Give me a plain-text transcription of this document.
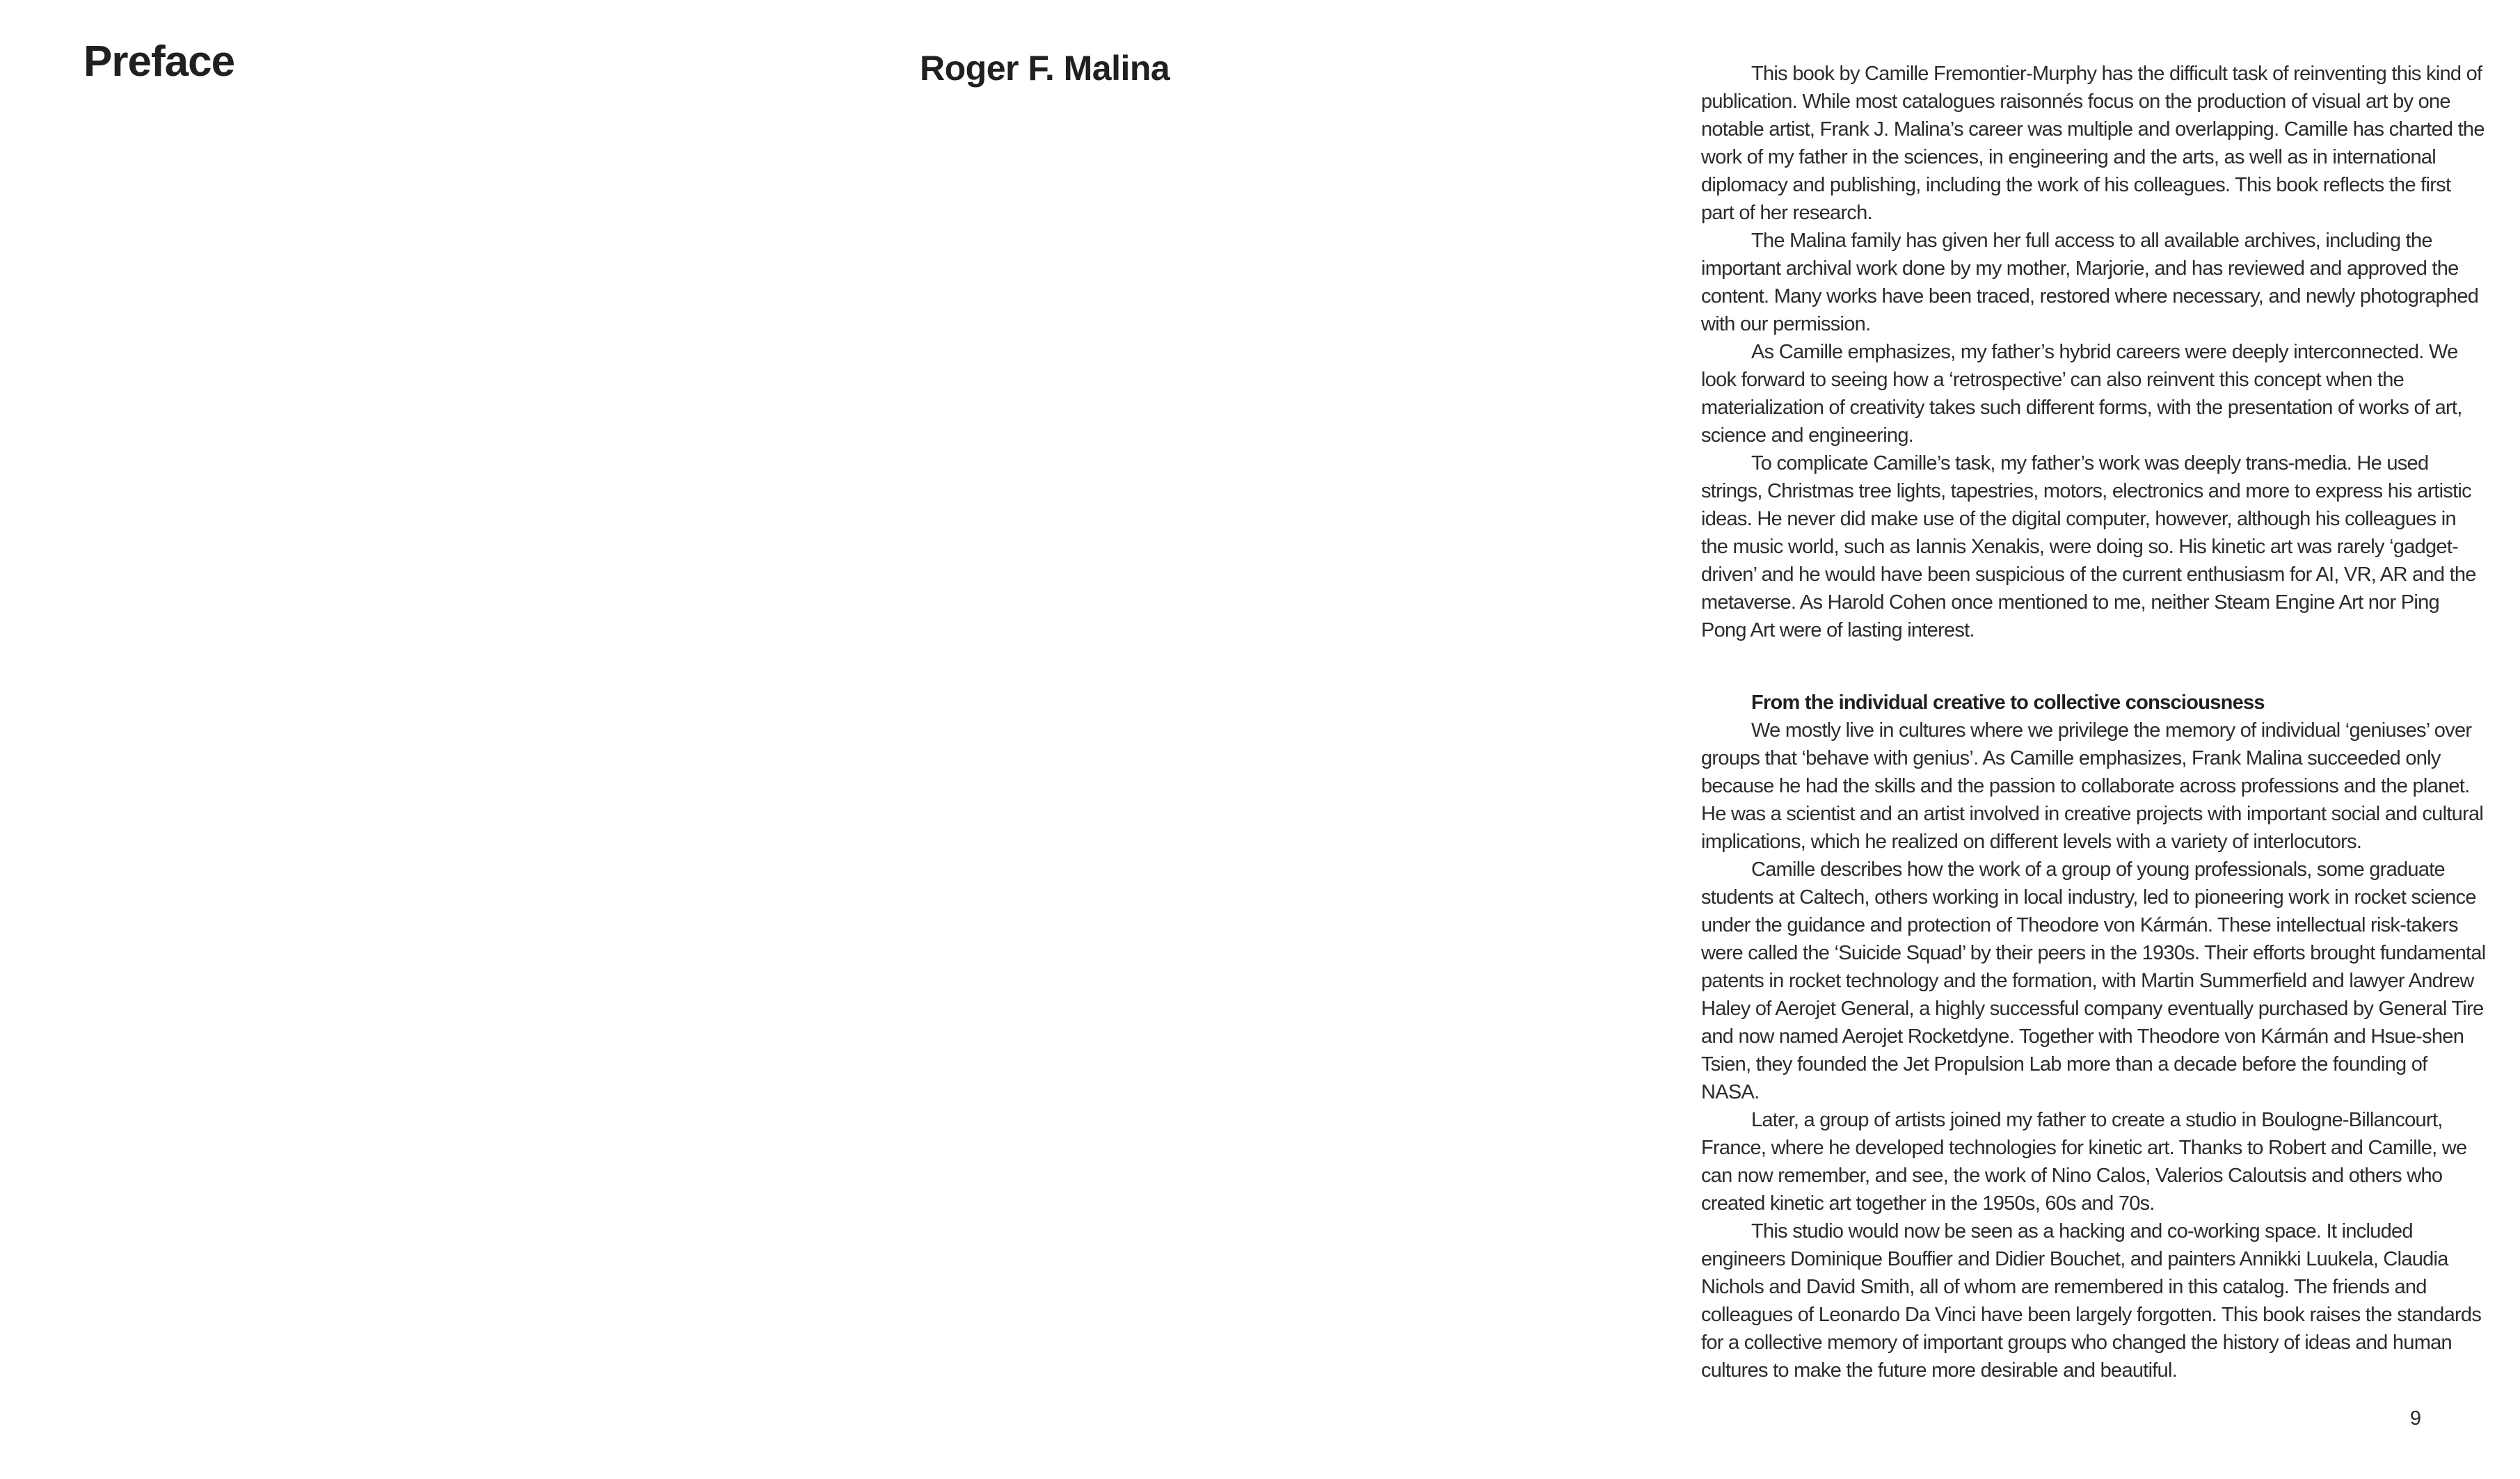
Preface	Roger F. Malina	This book by Camille Fremontier-Murphy has the difficult task of reinventing this kind of publication. While most catalogues raisonnés focus on the production of visual art by one notable artist, Frank J. Malina’s career was multiple and overlapping. Camille has charted the work of my father in the sciences, in engineering and the arts, as well as in international diplomacy and publishing, including the work of his colleagues. This book reflects the first part of her research.

The Malina family has given her full access to all available archives, including the important archival work done by my mother, Marjorie, and has reviewed and approved the content. Many works have been traced, restored where necessary, and newly photographed with our permission.

As Camille emphasizes, my father’s hybrid careers were deeply interconnected. We look forward to seeing how a ‘retrospective’ can also reinvent this concept when the materialization of creativity takes such different forms, with the presentation of works of art, science and engineering.

To complicate Camille’s task, my father’s work was deeply trans-media. He used strings, Christmas tree lights, tapestries, motors, electronics and more to express his artistic ideas. He never did make use of the digital computer, however, although his colleagues in the music world, such as Iannis Xenakis, were doing so. His kinetic art was rarely ‘gadget-driven’ and he would have been suspicious of the current enthusiasm for AI, VR, AR and the metaverse. As Harold Cohen once mentioned to me, neither Steam Engine Art nor Ping Pong Art were of lasting interest.

From the individual creative to collective consciousness

We mostly live in cultures where we privilege the memory of individual ‘geniuses’ over groups that ‘behave with genius’. As Camille emphasizes, Frank Malina succeeded only because he had the skills and the passion to collaborate across professions and the planet. He was a scientist and an artist involved in creative projects with important social and cultural implications, which he realized on different levels with a variety of interlocutors.

Camille describes how the work of a group of young professionals, some graduate students at Caltech, others working in local industry, led to pioneering work in rocket science under the guidance and protection of Theodore von Kármán. These intellectual risk-takers were called the ‘Suicide Squad’ by their peers in the 1930s. Their efforts brought fundamental patents in rocket technology and the formation, with Martin Summerfield and lawyer Andrew Haley of Aerojet General, a highly successful company eventually purchased by General Tire and now named Aerojet Rocketdyne. Together with Theodore von Kármán and Hsue-shen Tsien, they founded the Jet Propulsion Lab more than a decade before the founding of NASA.

Later, a group of artists joined my father to create a studio in Boulogne-Billancourt, France, where he developed technologies for kinetic art. Thanks to Robert and Camille, we can now remember, and see, the work of Nino Calos, Valerios Caloutsis and others who created kinetic art together in the 1950s, 60s and 70s.

This studio would now be seen as a hacking and co-working space. It included engineers Dominique Bouffier and Didier Bouchet, and painters Annikki Luukela, Claudia Nichols and David Smith, all of whom are remembered in this catalog. The friends and colleagues of Leonardo Da Vinci have been largely forgotten. This book raises the standards for a collective memory of important groups who changed the history of ideas and human cultures to make the future more desirable and beautiful.

9
